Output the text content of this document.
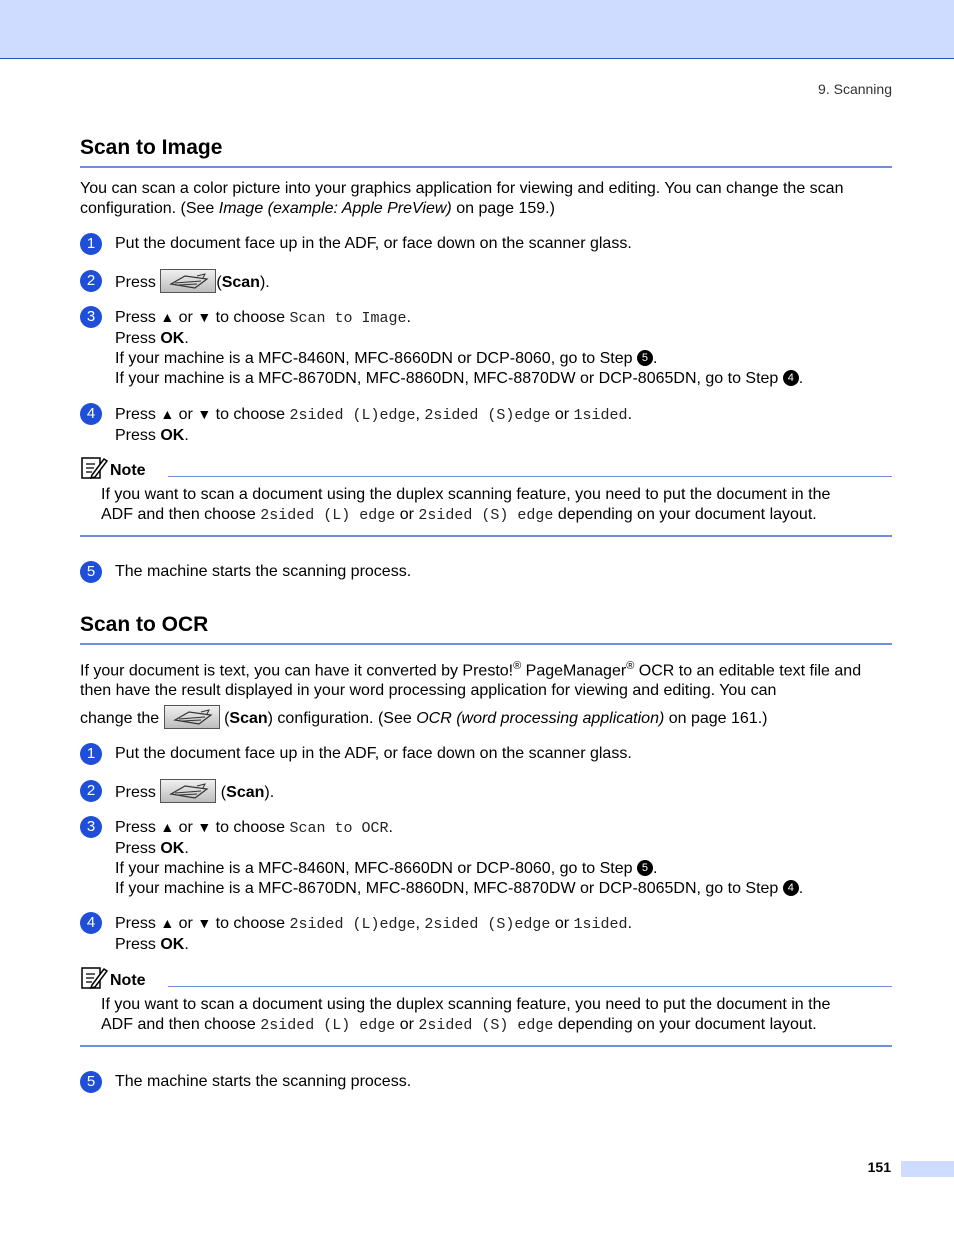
9. Scanning
Scan to Image
You can scan a color picture into your graphics application for viewing and editing. You can change the scan configuration. (See Image (example: Apple PreView) on page 159.)
1	Put the document face up in the ADF, or face down on the scanner glass.
2	Press	(Scan).
3	Press ▲ or ▼ to choose Scan to Image.
Press OK.
If your machine is a MFC-8460N, MFC-8660DN or DCP-8060, go to Step 5 .
If your machine is a MFC-8670DN, MFC-8860DN, MFC-8870DW or DCP-8065DN, go to Step 4 .
4	Press ▲ or ▼ to choose 2sided (L)edge, 2sided (S)edge or 1sided.
Press OK.
Note
If you want to scan a document using the duplex scanning feature, you need to put the document in the
ADF and then choose 2sided (L) edge or 2sided (S) edge depending on your document layout.
5	The machine starts the scanning process.
Scan to OCR
If your document is text, you can have it converted by Presto!® PageManager® OCR to an editable text file and then have the result displayed in your word processing application for viewing and editing. You can
change the	(Scan) configuration. (See OCR (word processing application) on page 161.)
1	Put the document face up in the ADF, or face down on the scanner glass.
2	Press	(Scan).
3	Press ▲ or ▼ to choose Scan to OCR.
Press OK.
If your machine is a MFC-8460N, MFC-8660DN or DCP-8060, go to Step 5 .
If your machine is a MFC-8670DN, MFC-8860DN, MFC-8870DW or DCP-8065DN, go to Step 4 .
4	Press ▲ or ▼ to choose 2sided (L)edge, 2sided (S)edge or 1sided.
Press OK.
Note
If you want to scan a document using the duplex scanning feature, you need to put the document in the
ADF and then choose 2sided (L) edge or 2sided (S) edge depending on your document layout.
5	The machine starts the scanning process.
151
